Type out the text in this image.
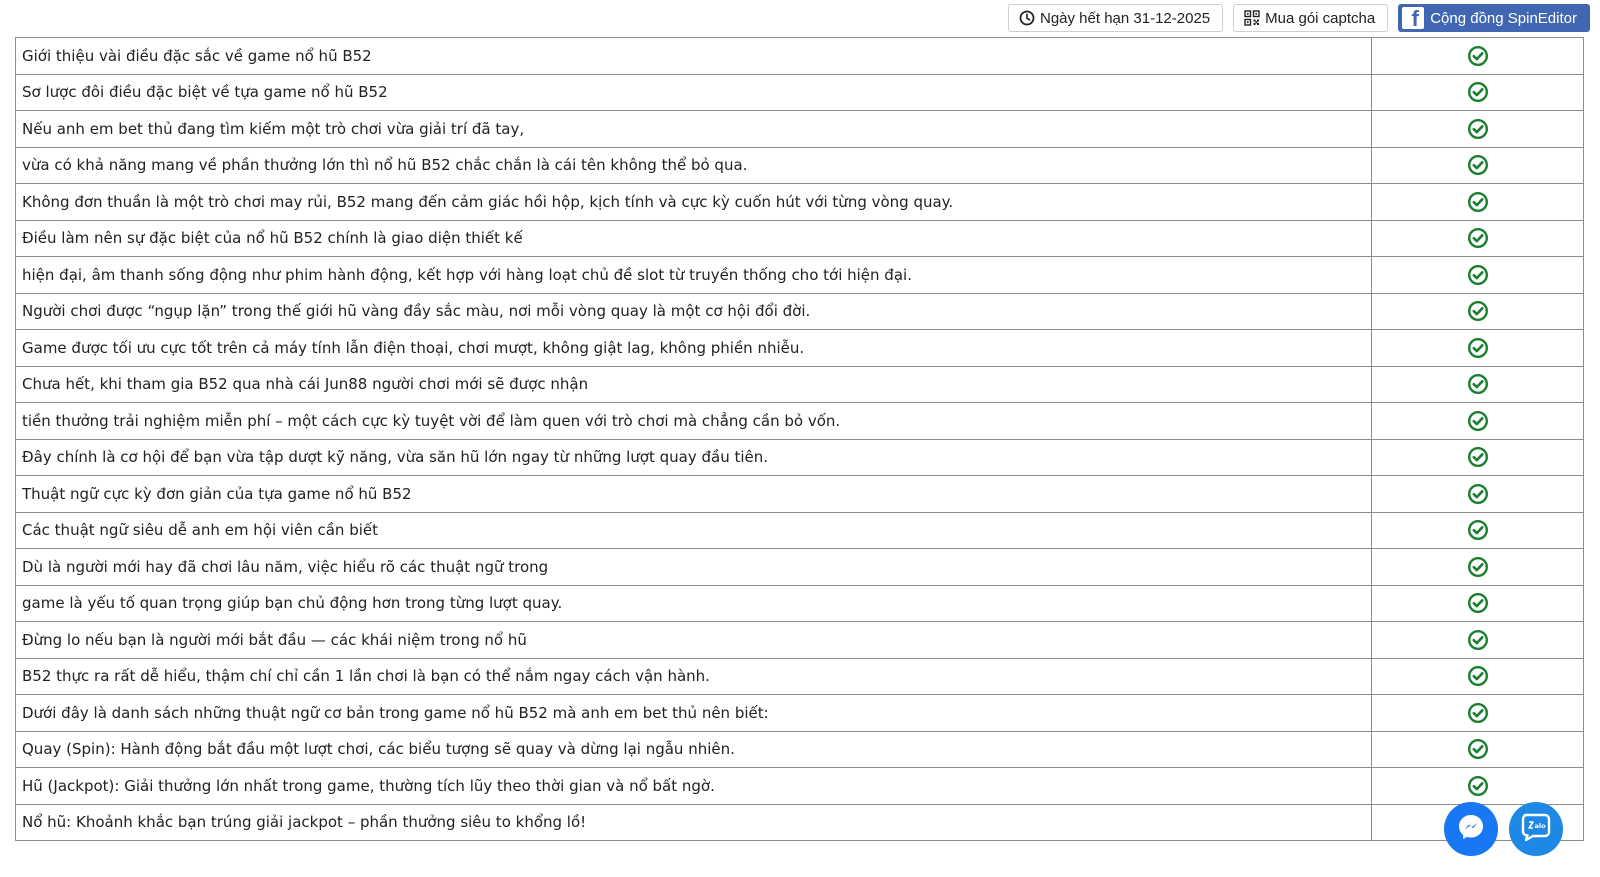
Ngày hết hạn 31-12-2025	Mua gói captcha f Cộng đồng SpinEditor
Giới thiệu vài điều đặc sắc về game nổ hũ B52	

Sơ lược đôi điều đặc biệt về tựa game nổ hũ B52	

Nếu anh em bet thủ đang tìm kiếm một trò chơi vừa giải trí đã tay,	

vừa có khả năng mang về phần thưởng lớn thì nổ hũ B52 chắc chắn là cái tên không thể bỏ qua.	

Không đơn thuần là một trò chơi may rủi, B52 mang đến cảm giác hồi hộp, kịch tính và cực kỳ cuốn hút với từng vòng quay.	

Điều làm nên sự đặc biệt của nổ hũ B52 chính là giao diện thiết kế	

hiện đại, âm thanh sống động như phim hành động, kết hợp với hàng loạt chủ đề slot từ truyền thống cho tới hiện đại.	

Người chơi được “ngụp lặn” trong thế giới hũ vàng đầy sắc màu, nơi mỗi vòng quay là một cơ hội đổi đời.	

Game được tối ưu cực tốt trên cả máy tính lẫn điện thoại, chơi mượt, không giật lag, không phiền nhiễu.	

Chưa hết, khi tham gia B52 qua nhà cái Jun88 người chơi mới sẽ được nhận	

tiền thưởng trải nghiệm miễn phí – một cách cực kỳ tuyệt vời để làm quen với trò chơi mà chẳng cần bỏ vốn.	

Đây chính là cơ hội để bạn vừa tập dượt kỹ năng, vừa săn hũ lớn ngay từ những lượt quay đầu tiên.	

Thuật ngữ cực kỳ đơn giản của tựa game nổ hũ B52	

Các thuật ngữ siêu dễ anh em hội viên cần biết	

Dù là người mới hay đã chơi lâu năm, việc hiểu rõ các thuật ngữ trong	

game là yếu tố quan trọng giúp bạn chủ động hơn trong từng lượt quay.	

Đừng lo nếu bạn là người mới bắt đầu — các khái niệm trong nổ hũ	

B52 thực ra rất dễ hiểu, thậm chí chỉ cần 1 lần chơi là bạn có thể nắm ngay cách vận hành.	

Dưới đây là danh sách những thuật ngữ cơ bản trong game nổ hũ B52 mà anh em bet thủ nên biết:	

Quay (Spin): Hành động bắt đầu một lượt chơi, các biểu tượng sẽ quay và dừng lại ngẫu nhiên.	

Hũ (Jackpot): Giải thưởng lớn nhất trong game, thường tích lũy theo thời gian và nổ bất ngờ.	

Nổ hũ: Khoảnh khắc bạn trúng giải jackpot – phần thưởng siêu to khổng lồ!		alo
